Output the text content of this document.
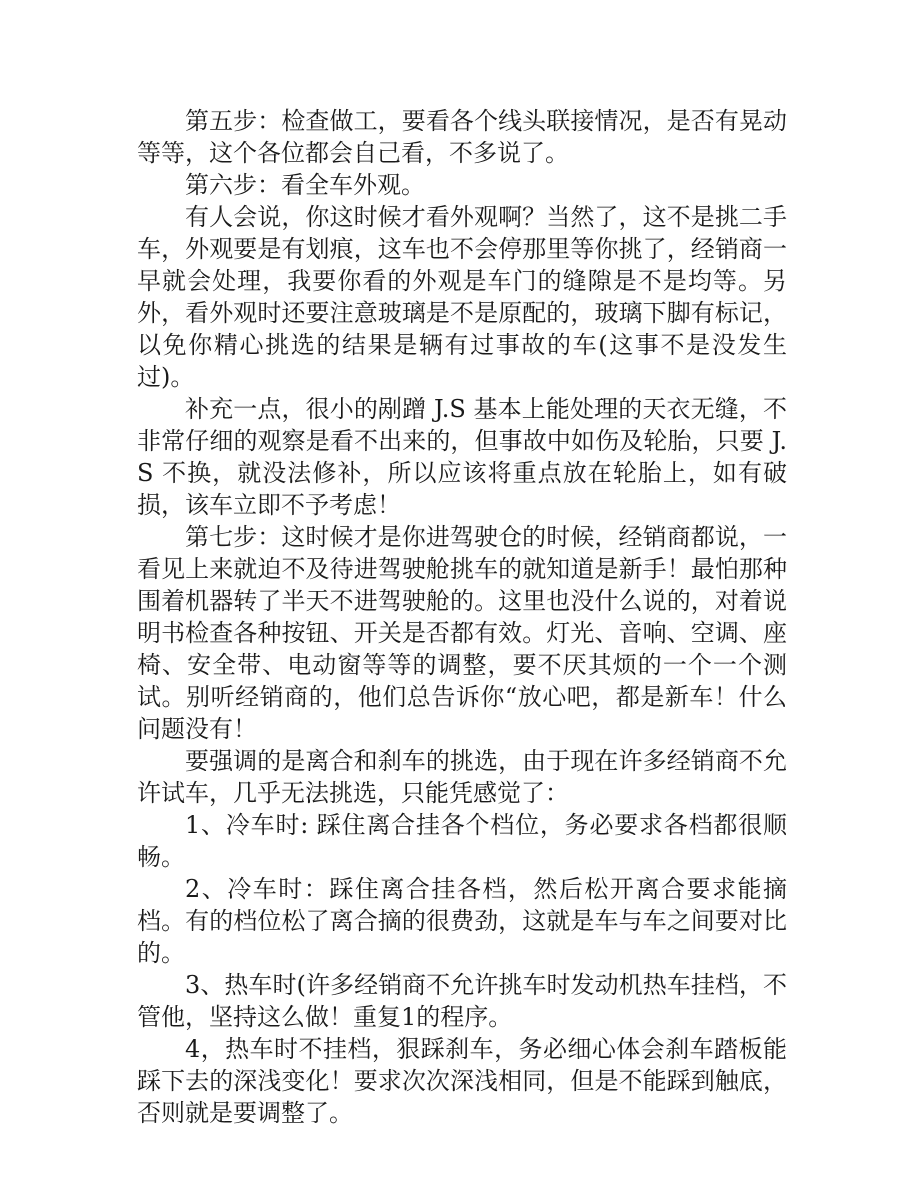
第五步：检查做工，要看各个线头联接情况，是否有晃动等等，这个各位都会自己看，不多说了。

第六步：看全车外观。

有人会说，你这时候才看外观啊？当然了，这不是挑二手车，外观要是有划痕，这车也不会停那里等你挑了，经销商一早就会处理，我要你看的外观是车门的缝隙是不是均等。另外，看外观时还要注意玻璃是不是原配的，玻璃下脚有标记，以免你精心挑选的结果是辆有过事故的车(这事不是没发生过)。

补充一点，很小的剐蹭 J.S 基本上能处理的天衣无缝，不非常仔细的观察是看不出来的，但事故中如伤及轮胎，只要 J.S 不换，就没法修补，所以应该将重点放在轮胎上，如有破损，该车立即不予考虑！

第七步：这时候才是你进驾驶仓的时候，经销商都说，一看见上来就迫不及待进驾驶舱挑车的就知道是新手！最怕那种围着机器转了半天不进驾驶舱的。这里也没什么说的，对着说明书检查各种按钮、开关是否都有效。灯光、音响、空调、座椅、安全带、电动窗等等的调整，要不厌其烦的一个一个测试。别听经销商的，他们总告诉你“放心吧，都是新车！什么问题没有！

要强调的是离合和刹车的挑选，由于现在许多经销商不允许试车，几乎无法挑选，只能凭感觉了：

1、冷车时: 踩住离合挂各个档位，务必要求各档都很顺畅。

2、冷车时：踩住离合挂各档，然后松开离合要求能摘档。有的档位松了离合摘的很费劲，这就是车与车之间要对比的。

3、热车时(许多经销商不允许挑车时发动机热车挂档，不管他，坚持这么做！重复1的程序。

4，热车时不挂档，狠踩刹车，务必细心体会刹车踏板能踩下去的深浅变化！要求次次深浅相同，但是不能踩到触底，否则就是要调整了。
